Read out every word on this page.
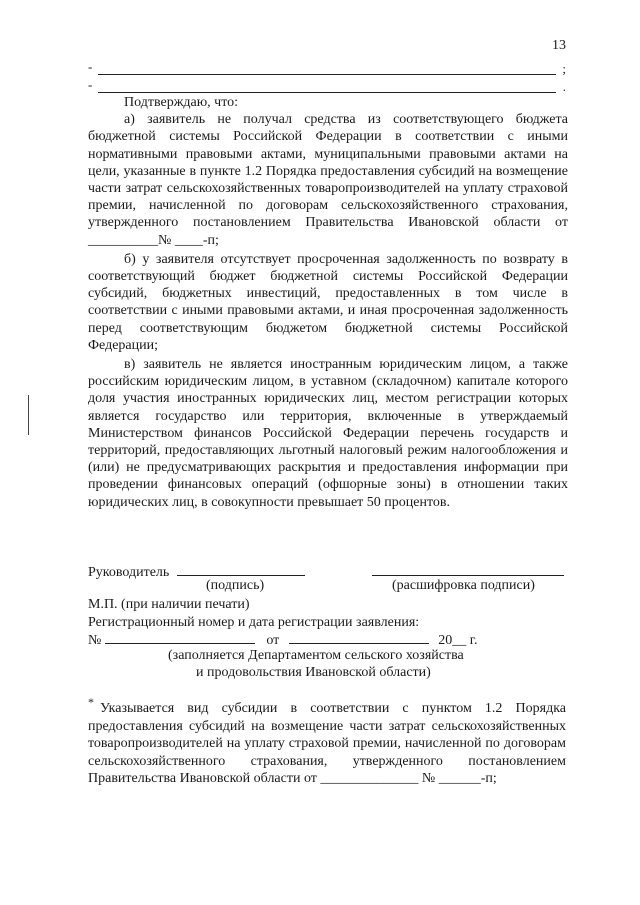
13
-	;
-	.

Подтверждаю, что:

а) заявитель не получал средства из соответствующего бюджета бюджетной системы Российской Федерации в соответствии с иными нормативными правовыми актами, муниципальными правовыми актами на цели, указанные в пункте 1.2 Порядка предоставления субсидий на возмещение части затрат сельскохозяйственных товаропроизводителей на уплату страховой премии, начисленной по договорам сельскохозяйственного страхования, утвержденного постановлением Правительства Ивановской области от __________№ ____-п;

б) у заявителя отсутствует просроченная задолженность по возврату в соответствующий бюджет бюджетной системы Российской Федерации субсидий, бюджетных инвестиций, предоставленных в том числе в соответствии с иными правовыми актами, и иная просроченная задолженность перед соответствующим бюджетом бюджетной системы Российской Федерации;

в) заявитель не является иностранным юридическим лицом, а также российским юридическим лицом, в уставном (складочном) капитале которого доля участия иностранных юридических лиц, местом регистрации которых является государство или территория, включенные в утверждаемый Министерством финансов Российской Федерации перечень государств и территорий, предоставляющих льготный налоговый режим налогообложения и (или) не предусматривающих раскрытия и предоставления информации при проведении финансовых операций (офшорные зоны) в отношении таких юридических лиц, в совокупности превышает 50 процентов.

Руководитель
(подпись)	(расшифровка подписи)
М.П. (при наличии печати)
Регистрационный номер и дата регистрации заявления:
№	от	20__ г.
(заполняется Департаментом сельского хозяйства
и продовольствия Ивановской области)
* Указывается вид субсидии в соответствии с пунктом 1.2 Порядка предоставления субсидий на возмещение части затрат сельскохозяйственных товаропроизводителей на уплату страховой премии, начисленной по договорам сельскохозяйственного страхования, утвержденного постановлением Правительства Ивановской области от ______________ № ______-п;
